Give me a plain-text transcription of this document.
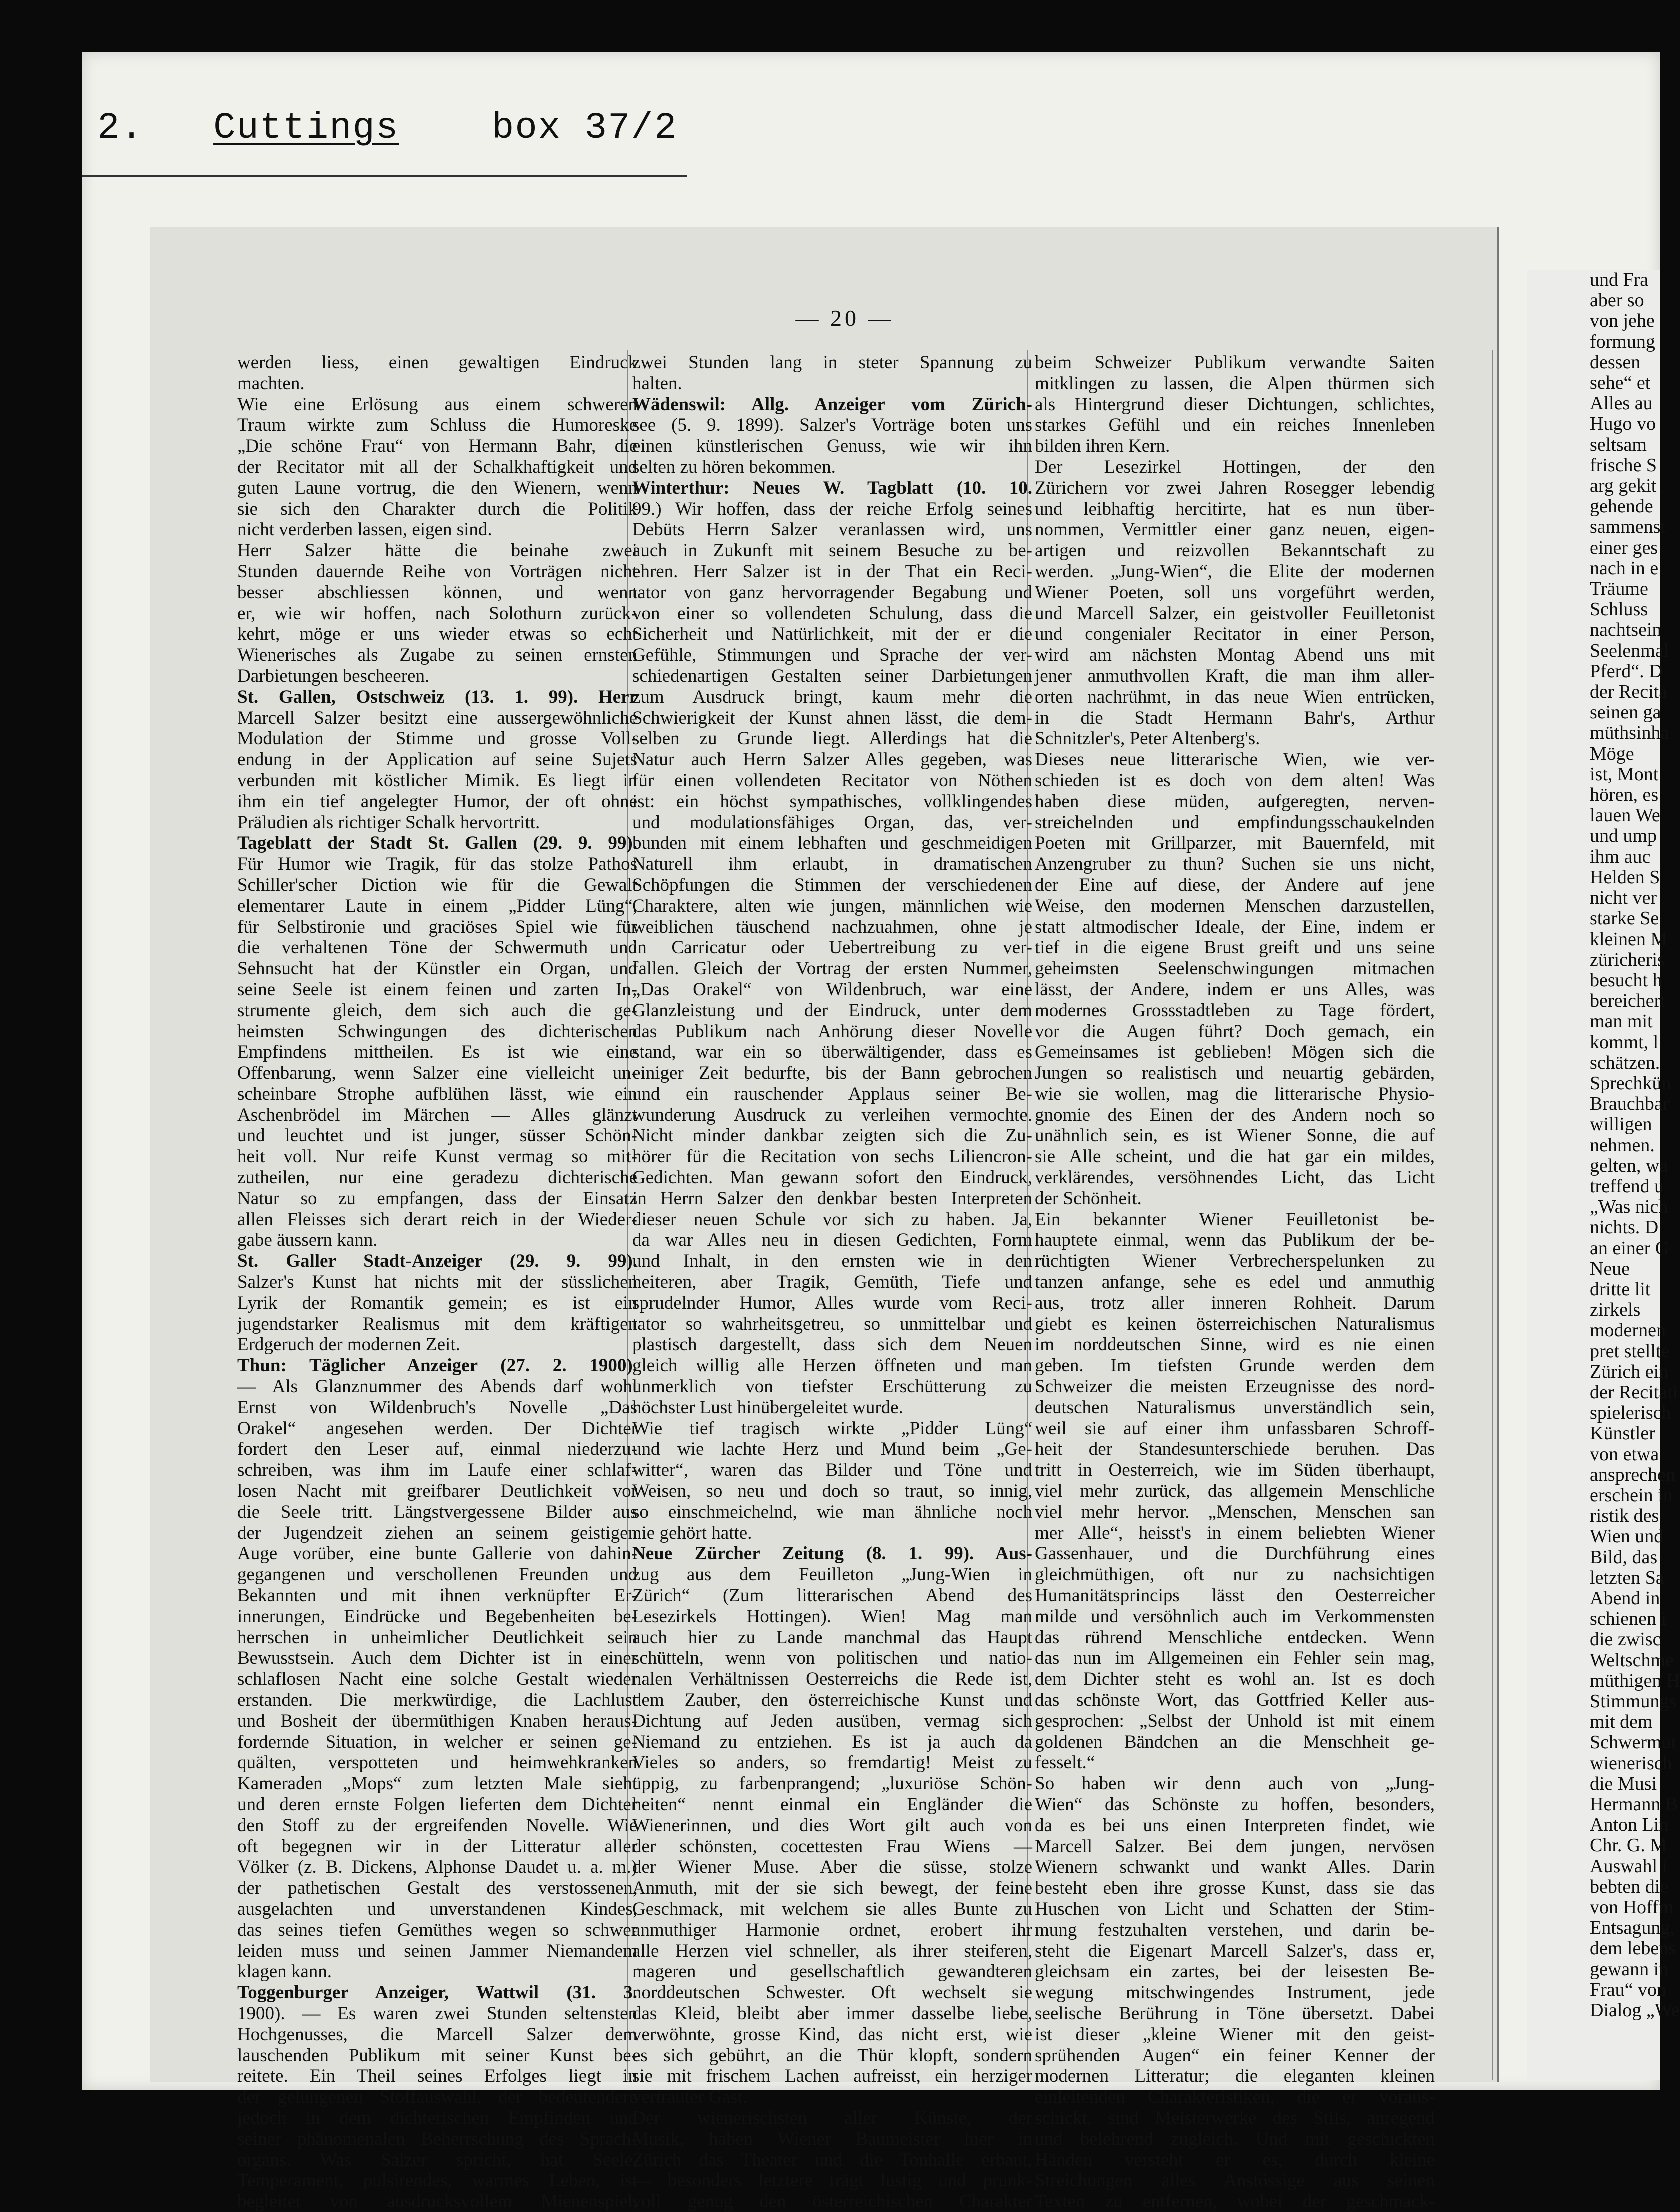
2. Cuttings	box 37/2
und Fra
aber so
von jehe
formung
dessen
sehe“ et
Alles au
Hugo vo
seltsam
frische S
arg gekit
gehende
sammenst
einer ges
nach in e
Träume
Schluss
nachtsein
Seelenmal
Pferd“. D
der Recita
seinen ga
müthsinha
Möge
ist, Mont
hören, es
lauen We
und ump
ihm auc
Helden S
nicht ver
starke Se
kleinen M
züricheris
besucht h
bereichert
man mit
kommt, l
schätzen.
Sprechkün
Brauchbar
willigen
nehmen.
gelten, wa
treffend u
„Was nich
nichts. D
an einer G
Neue
dritte lit
zirkels
modernen
pret stellte
Zürich ein
der Recitati
spielerisch
Künstler
von etwa
ansprechen
erschein in
ristik des
Wien und
Bild, das
letzten Sa
Abend in
schienen i
die zwisc
Weltschme
müthigen H
Stimmungs
mit dem
Schwermut
wienerisch
die Musi
Hermann B
Anton Lin
Chr. G. M
Auswahl i
bebten die
von Hoffm
Entsagung,
dem lebens
gewann in
Frau“ von
Dialog „We
— 20 —
werden liess, einen gewaltigen Eindruck
machten.
Wie eine Erlösung aus einem schweren
Traum wirkte zum Schluss die Humoreske
„Die schöne Frau“ von Hermann Bahr, die
der Recitator mit all der Schalkhaftigkeit und
guten Laune vortrug, die den Wienern, wenn
sie sich den Charakter durch die Politik
nicht verderben lassen, eigen sind.
Herr Salzer hätte die beinahe zwei
Stunden dauernde Reihe von Vorträgen nicht
besser abschliessen können, und wenn
er, wie wir hoffen, nach Solothurn zurück-
kehrt, möge er uns wieder etwas so echt
Wienerisches als Zugabe zu seinen ernsten
Darbietungen bescheeren.
St. Gallen, Ostschweiz (13. 1. 99). Herr
Marcell Salzer besitzt eine aussergewöhnliche
Modulation der Stimme und grosse Voll-
endung in der Application auf seine Sujets
verbunden mit köstlicher Mimik. Es liegt in
ihm ein tief angelegter Humor, der oft ohne
Präludien als richtiger Schalk hervortritt.
Tageblatt der Stadt St. Gallen (29. 9. 99).
Für Humor wie Tragik, für das stolze Pathos
Schiller'scher Diction wie für die Gewalt
elementarer Laute in einem „Pidder Lüng“,
für Selbstironie und graciöses Spiel wie für
die verhaltenen Töne der Schwermuth und
Sehnsucht hat der Künstler ein Organ, und
seine Seele ist einem feinen und zarten In-
strumente gleich, dem sich auch die ge-
heimsten Schwingungen des dichterischen
Empfindens mittheilen. Es ist wie eine
Offenbarung, wenn Salzer eine vielleicht un-
scheinbare Strophe aufblühen lässt, wie ein
Aschenbrödel im Märchen — Alles glänzt
und leuchtet und ist junger, süsser Schön-
heit voll. Nur reife Kunst vermag so mit-
zutheilen, nur eine geradezu dichterische
Natur so zu empfangen, dass der Einsatz
allen Fleisses sich derart reich in der Wieder-
gabe äussern kann.
St. Galler Stadt-Anzeiger (29. 9. 99).
Salzer's Kunst hat nichts mit der süsslichen
Lyrik der Romantik gemein; es ist ein
jugendstarker Realismus mit dem kräftigen
Erdgeruch der modernen Zeit.
Thun: Täglicher Anzeiger (27. 2. 1900).
— Als Glanznummer des Abends darf wohl
Ernst von Wildenbruch's Novelle „Das
Orakel“ angesehen werden. Der Dichter
fordert den Leser auf, einmal niederzu-
schreiben, was ihm im Laufe einer schlaf-
losen Nacht mit greifbarer Deutlichkeit vor
die Seele tritt. Längstvergessene Bilder aus
der Jugendzeit ziehen an seinem geistigen
Auge vorüber, eine bunte Gallerie von dahin-
gegangenen und verschollenen Freunden und
Bekannten und mit ihnen verknüpfter Er-
innerungen, Eindrücke und Begebenheiten be-
herrschen in unheimlicher Deutlichkeit sein
Bewusstsein. Auch dem Dichter ist in einer
schlaflosen Nacht eine solche Gestalt wieder
erstanden. Die merkwürdige, die Lachlust
und Bosheit der übermüthigen Knaben heraus-
fordernde Situation, in welcher er seinen ge-
quälten, verspotteten und heimwehkranken
Kameraden „Mops“ zum letzten Male sieht
und deren ernste Folgen lieferten dem Dichter
den Stoff zu der ergreifenden Novelle. Wie
oft begegnen wir in der Litteratur aller
Völker (z. B. Dickens, Alphonse Daudet u. a. m.)
der pathetischen Gestalt des verstossenen,
ausgelachten und unverstandenen Kindes,
das seines tiefen Gemüthes wegen so schwer
leiden muss und seinen Jammer Niemandem
klagen kann.
Toggenburger Anzeiger, Wattwil (31. 3.
1900). — Es waren zwei Stunden seltensten
Hochgenusses, die Marcell Salzer dem
lauschenden Publikum mit seiner Kunst be-
reitete. Ein Theil seines Erfolges liegt in
der gelungenen Stoffauswahl, der bedeutendere
jedoch in dem dichterischen Empfinden und
seiner phänomenalen Beherrschung des Sprach-
organs. Was Salzer spricht, hat Seele,
Temperament, pulsirendes, warmes Leben, ist
begleitet von ausdrucksvollem Mienenspiel,
zwei Stunden lang in steter Spannung zu
halten.
Wädenswil: Allg. Anzeiger vom Zürich-
see (5. 9. 1899). Salzer's Vorträge boten uns
einen künstlerischen Genuss, wie wir ihn
selten zu hören bekommen.
Winterthur: Neues W. Tagblatt (10. 10.
99.) Wir hoffen, dass der reiche Erfolg seines
Debüts Herrn Salzer veranlassen wird, uns
auch in Zukunft mit seinem Besuche zu be-
ehren. Herr Salzer ist in der That ein Reci-
tator von ganz hervorragender Begabung und
von einer so vollendeten Schulung, dass die
Sicherheit und Natürlichkeit, mit der er die
Gefühle, Stimmungen und Sprache der ver-
schiedenartigen Gestalten seiner Darbietungen
zum Ausdruck bringt, kaum mehr die
Schwierigkeit der Kunst ahnen lässt, die dem-
selben zu Grunde liegt. Allerdings hat die
Natur auch Herrn Salzer Alles gegeben, was
für einen vollendeten Recitator von Nöthen
ist: ein höchst sympathisches, vollklingendes
und modulationsfähiges Organ, das, ver-
bunden mit einem lebhaften und geschmeidigen
Naturell ihm erlaubt, in dramatischen
Schöpfungen die Stimmen der verschiedenen
Charaktere, alten wie jungen, männlichen wie
weiblichen täuschend nachzuahmen, ohne je
in Carricatur oder Uebertreibung zu ver-
fallen. Gleich der Vortrag der ersten Nummer,
„Das Orakel“ von Wildenbruch, war eine
Glanzleistung und der Eindruck, unter dem
das Publikum nach Anhörung dieser Novelle
stand, war ein so überwältigender, dass es
einiger Zeit bedurfte, bis der Bann gebrochen
und ein rauschender Applaus seiner Be-
wunderung Ausdruck zu verleihen vermochte.
Nicht minder dankbar zeigten sich die Zu-
hörer für die Recitation von sechs Liliencron-
Gedichten. Man gewann sofort den Eindruck,
in Herrn Salzer den denkbar besten Interpreten
dieser neuen Schule vor sich zu haben. Ja,
da war Alles neu in diesen Gedichten, Form
und Inhalt, in den ernsten wie in den
heiteren, aber Tragik, Gemüth, Tiefe und
sprudelnder Humor, Alles wurde vom Reci-
tator so wahrheitsgetreu, so unmittelbar und
plastisch dargestellt, dass sich dem Neuen
gleich willig alle Herzen öffneten und man
unmerklich von tiefster Erschütterung zu
höchster Lust hinübergeleitet wurde.
Wie tief tragisch wirkte „Pidder Lüng“
und wie lachte Herz und Mund beim „Ge-
witter“, waren das Bilder und Töne und
Weisen, so neu und doch so traut, so innig,
so einschmeichelnd, wie man ähnliche noch
nie gehört hatte.
Neue Zürcher Zeitung (8. 1. 99). Aus-
zug aus dem Feuilleton „Jung-Wien in
Zürich“ (Zum litterarischen Abend des
Lesezirkels Hottingen). Wien! Mag man
auch hier zu Lande manchmal das Haupt
schütteln, wenn von politischen und natio-
nalen Verhältnissen Oesterreichs die Rede ist,
dem Zauber, den österreichische Kunst und
Dichtung auf Jeden ausüben, vermag sich
Niemand zu entziehen. Es ist ja auch da
Vieles so anders, so fremdartig! Meist zu
üppig, zu farbenprangend; „luxuriöse Schön-
heiten“ nennt einmal ein Engländer die
Wienerinnen, und dies Wort gilt auch von
der schönsten, cocettesten Frau Wiens —
der Wiener Muse. Aber die süsse, stolze
Anmuth, mit der sie sich bewegt, der feine
Geschmack, mit welchem sie alles Bunte zu
anmuthiger Harmonie ordnet, erobert ihr
alle Herzen viel schneller, als ihrer steiferen,
mageren und gesellschaftlich gewandteren
norddeutschen Schwester. Oft wechselt sie
das Kleid, bleibt aber immer dasselbe liebe,
verwöhnte, grosse Kind, das nicht erst, wie
es sich gebührt, an die Thür klopft, sondern
sie mit frischem Lachen aufreisst, ein herziger
vertrauter Gast.
Der wienerischsten aller Künste, der
Musik, haben Wiener Baumeister hier in
Zürich das Theater und die Tonhalle erbaut,
— besonders letztere trägt lustig und prunk-
voll genug den österreichischen Charakter
beim Schweizer Publikum verwandte Saiten
mitklingen zu lassen, die Alpen thürmen sich
als Hintergrund dieser Dichtungen, schlichtes,
starkes Gefühl und ein reiches Innenleben
bilden ihren Kern.
Der Lesezirkel Hottingen, der den
Zürichern vor zwei Jahren Rosegger lebendig
und leibhaftig hercitirte, hat es nun über-
nommen, Vermittler einer ganz neuen, eigen-
artigen und reizvollen Bekanntschaft zu
werden. „Jung-Wien“, die Elite der modernen
Wiener Poeten, soll uns vorgeführt werden,
und Marcell Salzer, ein geistvoller Feuilletonist
und congenialer Recitator in einer Person,
wird am nächsten Montag Abend uns mit
jener anmuthvollen Kraft, die man ihm aller-
orten nachrühmt, in das neue Wien entrücken,
in die Stadt Hermann Bahr's, Arthur
Schnitzler's, Peter Altenberg's.
Dieses neue litterarische Wien, wie ver-
schieden ist es doch von dem alten! Was
haben diese müden, aufgeregten, nerven-
streichelnden und empfindungsschaukelnden
Poeten mit Grillparzer, mit Bauernfeld, mit
Anzengruber zu thun? Suchen sie uns nicht,
der Eine auf diese, der Andere auf jene
Weise, den modernen Menschen darzustellen,
statt altmodischer Ideale, der Eine, indem er
tief in die eigene Brust greift und uns seine
geheimsten Seelenschwingungen mitmachen
lässt, der Andere, indem er uns Alles, was
modernes Grossstadtleben zu Tage fördert,
vor die Augen führt? Doch gemach, ein
Gemeinsames ist geblieben! Mögen sich die
Jungen so realistisch und neuartig gebärden,
wie sie wollen, mag die litterarische Physio-
gnomie des Einen der des Andern noch so
unähnlich sein, es ist Wiener Sonne, die auf
sie Alle scheint, und die hat gar ein mildes,
verklärendes, versöhnendes Licht, das Licht
der Schönheit.
Ein bekannter Wiener Feuilletonist be-
hauptete einmal, wenn das Publikum der be-
rüchtigten Wiener Verbrecherspelunken zu
tanzen anfange, sehe es edel und anmuthig
aus, trotz aller inneren Rohheit. Darum
giebt es keinen österreichischen Naturalismus
im norddeutschen Sinne, wird es nie einen
geben. Im tiefsten Grunde werden dem
Schweizer die meisten Erzeugnisse des nord-
deutschen Naturalismus unverständlich sein,
weil sie auf einer ihm unfassbaren Schroff-
heit der Standesunterschiede beruhen. Das
tritt in Oesterreich, wie im Süden überhaupt,
viel mehr zurück, das allgemein Menschliche
viel mehr hervor. „Menschen, Menschen san
mer Alle“, heisst's in einem beliebten Wiener
Gassenhauer, und die Durchführung eines
gleichmüthigen, oft nur zu nachsichtigen
Humanitätsprincips lässt den Oesterreicher
milde und versöhnlich auch im Verkommensten
das rührend Menschliche entdecken. Wenn
das nun im Allgemeinen ein Fehler sein mag,
dem Dichter steht es wohl an. Ist es doch
das schönste Wort, das Gottfried Keller aus-
gesprochen: „Selbst der Unhold ist mit einem
goldenen Bändchen an die Menschheit ge-
fesselt.“
So haben wir denn auch von „Jung-
Wien“ das Schönste zu hoffen, besonders,
da es bei uns einen Interpreten findet, wie
Marcell Salzer. Bei dem jungen, nervösen
Wienern schwankt und wankt Alles. Darin
besteht eben ihre grosse Kunst, dass sie das
Huschen von Licht und Schatten der Stim-
mung festzuhalten verstehen, und darin be-
steht die Eigenart Marcell Salzer's, dass er,
gleichsam ein zartes, bei der leisesten Be-
wegung mitschwingendes Instrument, jede
seelische Berührung in Töne übersetzt. Dabei
ist dieser „kleine Wiener mit den geist-
sprühenden Augen“ ein feiner Kenner der
modernen Litteratur; die eleganten kleinen
einleitenden Charakteristiken, die er voraus-
schickt, sind Meisterwerke des Stils, anregend
und belehrend zugleich. Und mit geschickten
Händen versteht er es, durch kleine
Streichungen alles Anstössige aus seinen
Texten zu entfernen, wobei der geschmack-
